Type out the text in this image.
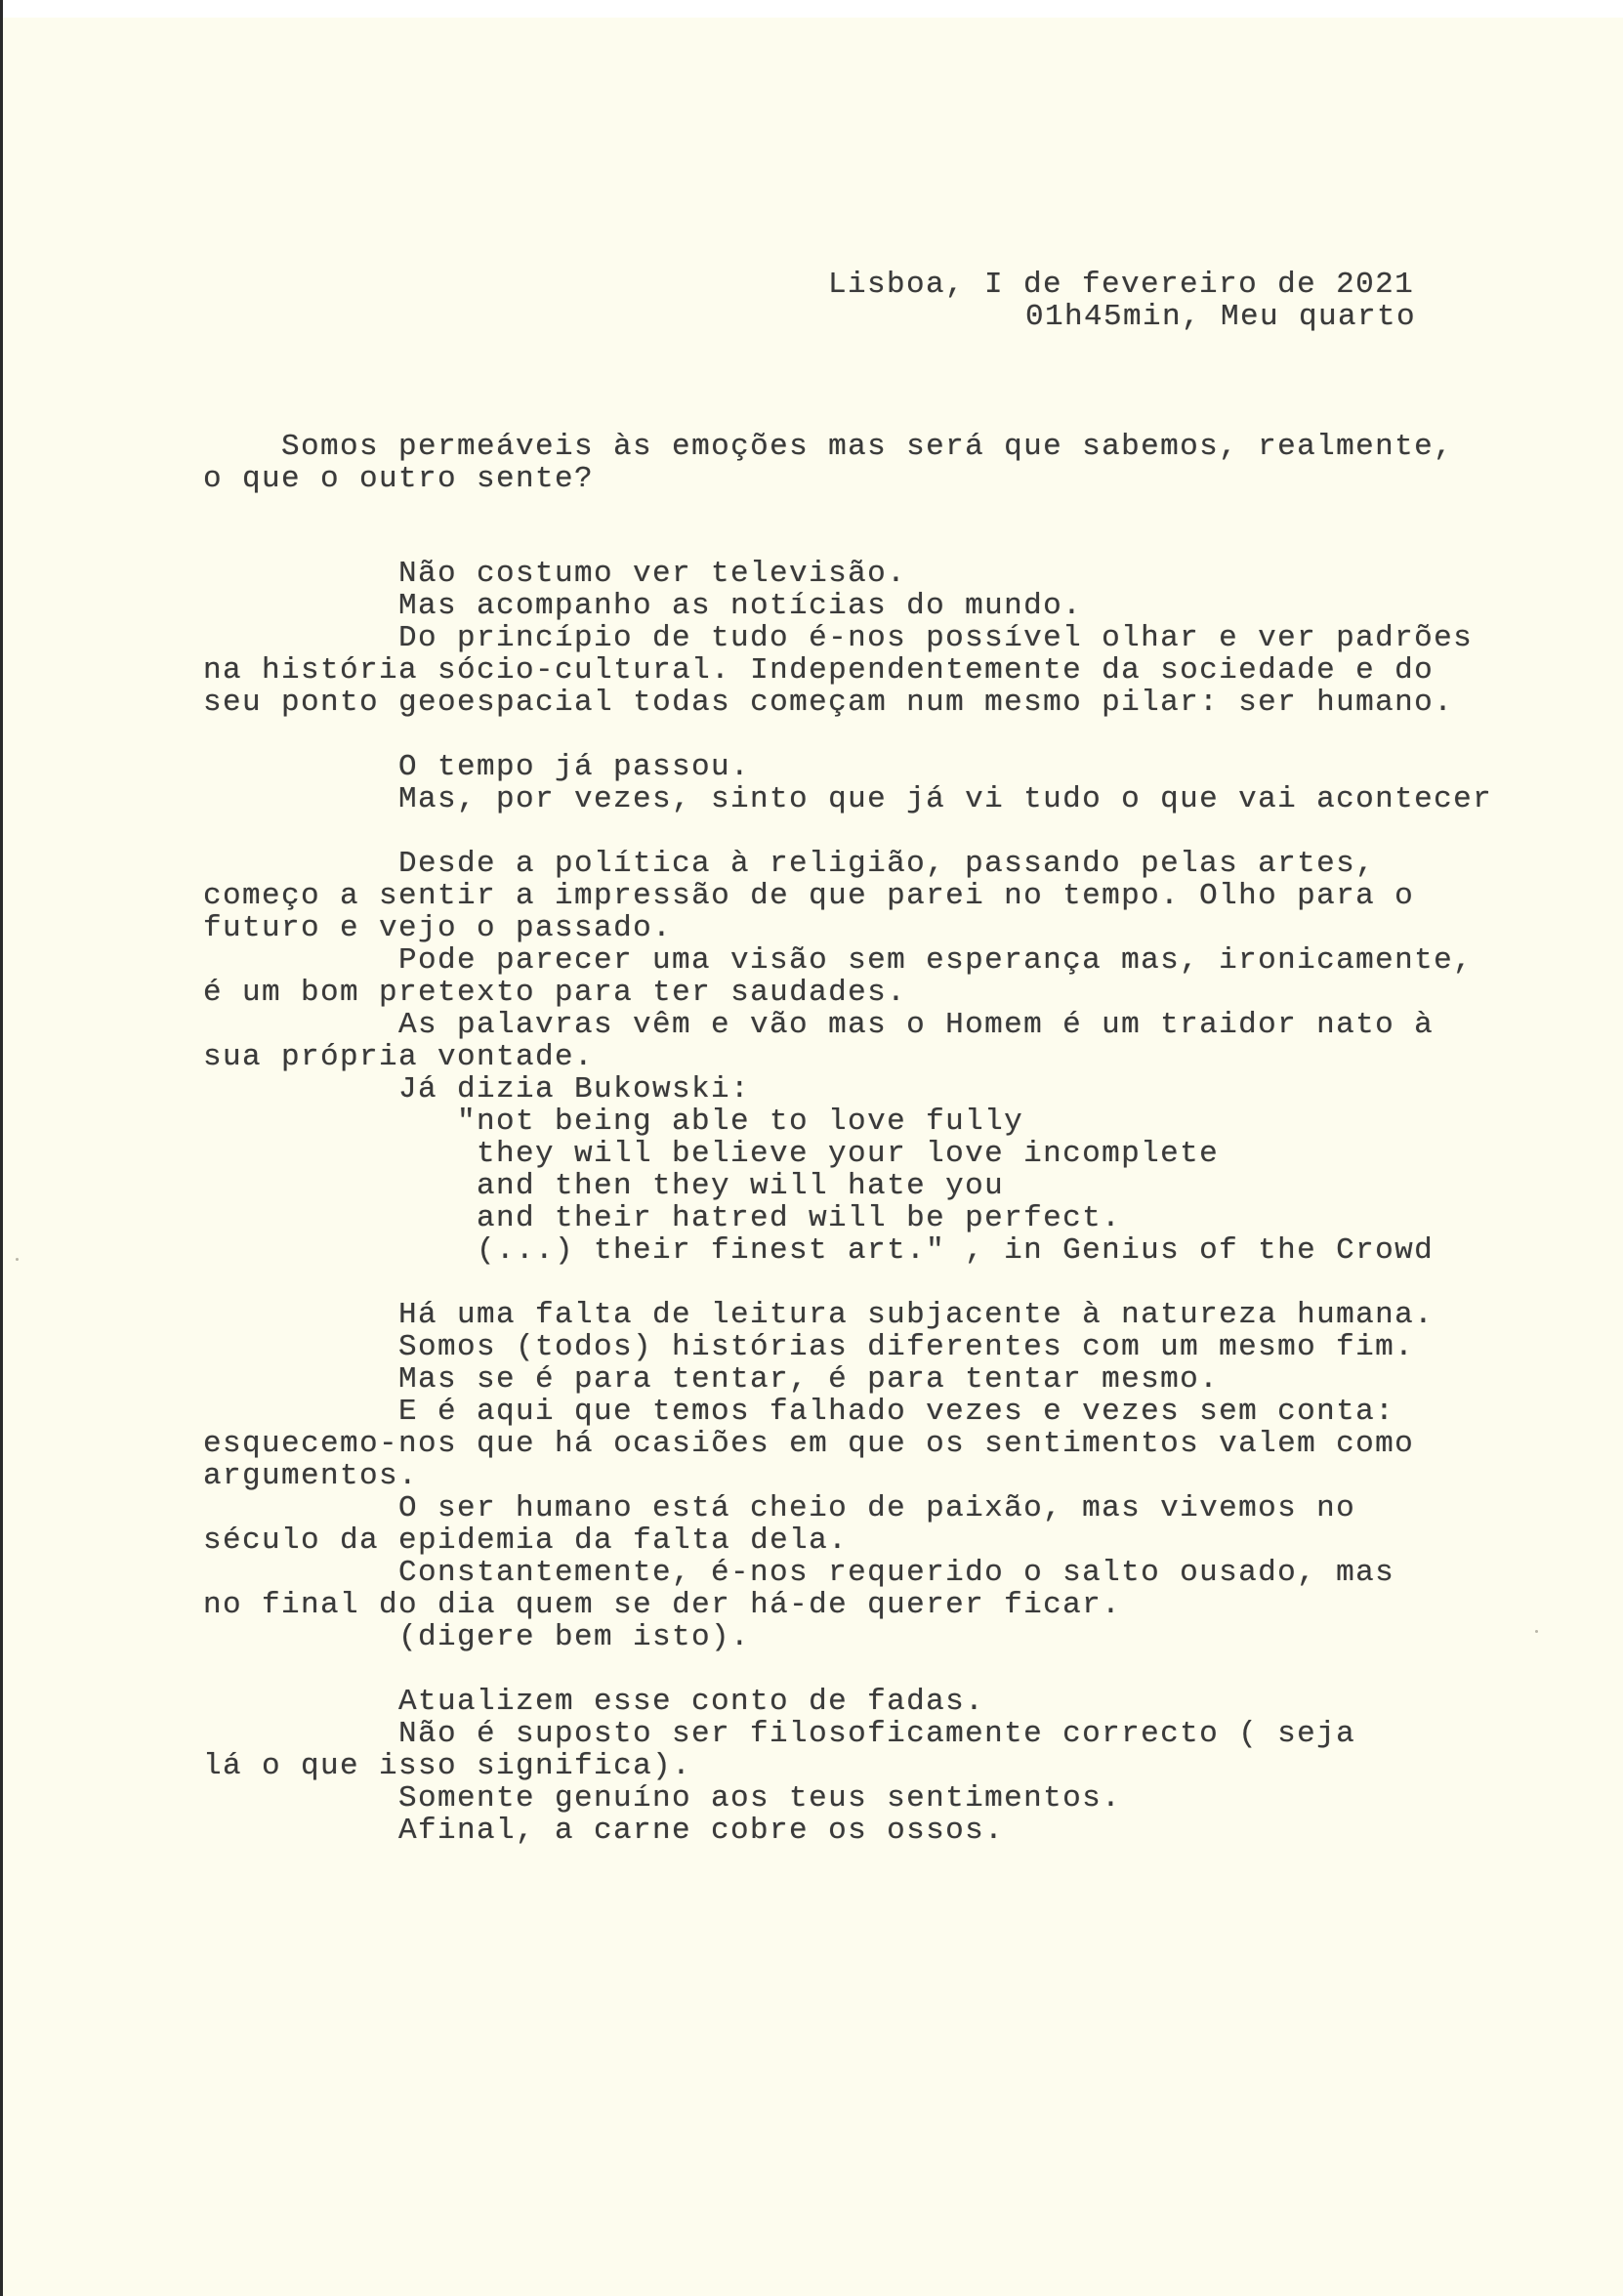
Lisboa, I de fevereiro de 2021

01h45min, Meu quarto

Somos permeáveis às emoções mas será que sabemos, realmente,

o que o outro sente?

Não costumo ver televisão.

Mas acompanho as notícias do mundo.

Do princípio de tudo é-nos possível olhar e ver padrões

na história sócio-cultural. Independentemente da sociedade e do

seu ponto geoespacial todas começam num mesmo pilar: ser humano.

O tempo já passou.

Mas, por vezes, sinto que já vi tudo o que vai acontecer

Desde a política à religião, passando pelas artes,

começo a sentir a impressão de que parei no tempo. Olho para o

futuro e vejo o passado.

Pode parecer uma visão sem esperança mas, ironicamente,

é um bom pretexto para ter saudades.

As palavras vêm e vão mas o Homem é um traidor nato à

sua própria vontade.

Já dizia Bukowski:

"not being able to love fully

they will believe your love incomplete

and then they will hate you

and their hatred will be perfect.

(...) their finest art." , in Genius of the Crowd

Há uma falta de leitura subjacente à natureza humana.

Somos (todos) histórias diferentes com um mesmo fim.

Mas se é para tentar, é para tentar mesmo.

E é aqui que temos falhado vezes e vezes sem conta:

esquecemo-nos que há ocasiões em que os sentimentos valem como

argumentos.

O ser humano está cheio de paixão, mas vivemos no

século da epidemia da falta dela.

Constantemente, é-nos requerido o salto ousado, mas

no final do dia quem se der há-de querer ficar.

(digere bem isto).

Atualizem esse conto de fadas.

Não é suposto ser filosoficamente correcto ( seja

lá o que isso significa).

Somente genuíno aos teus sentimentos.

Afinal, a carne cobre os ossos.
